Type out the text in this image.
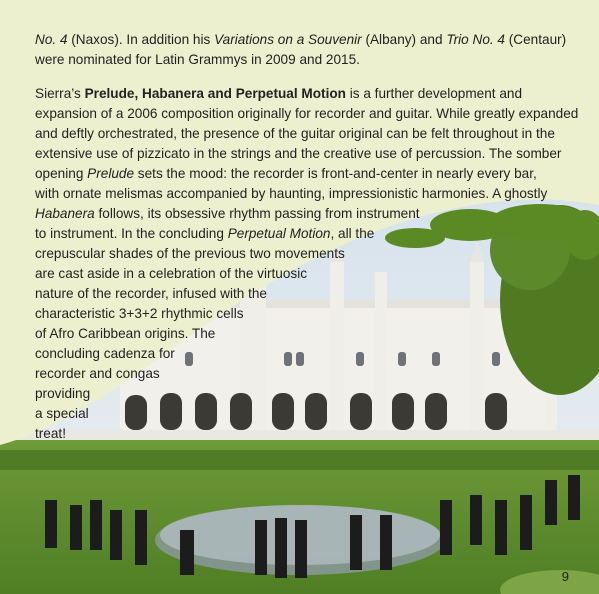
No. 4 (Naxos). In addition his Variations on a Souvenir (Albany) and Trio No. 4 (Centaur)
were nominated for Latin Grammys in 2009 and 2015.

Sierra’s Prelude, Habanera and Perpetual Motion is a further development and
expansion of a 2006 composition originally for recorder and guitar. While greatly expanded
and deftly orchestrated, the presence of the guitar original can be felt throughout in the
extensive use of pizzicato in the strings and the creative use of percussion. The somber
opening Prelude sets the mood: the recorder is front-and-center in nearly every bar,
with ornate melismas accompanied by haunting, impressionistic harmonies. A ghostly
Habanera follows, its obsessive rhythm passing from instrument
to instrument. In the concluding Perpetual Motion, all the
crepuscular shades of the previous two movements
are cast aside in a celebration of the virtuosic
nature of the recorder, infused with the
characteristic 3+3+2 rhythmic cells
of Afro Caribbean origins. The
concluding cadenza for
recorder and congas
providing
a special
treat!

9
